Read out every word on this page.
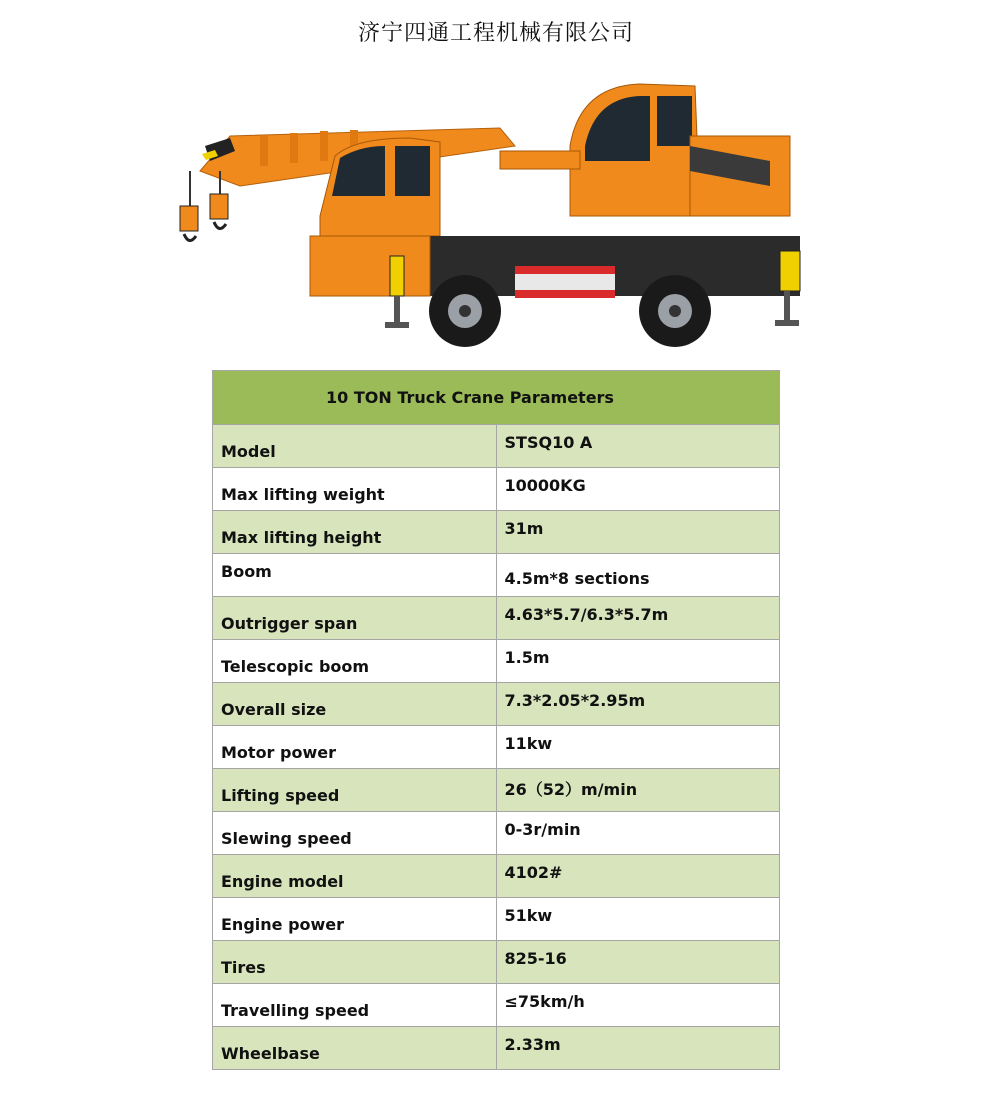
济宁四通工程机械有限公司
10 TON Truck Crane Parameters	
Model	STSQ10 A
Max lifting weight	10000KG
Max lifting height	31m
Boom	4.5m*8 sections
Outrigger span	4.63*5.7/6.3*5.7m
Telescopic boom	1.5m
Overall size	7.3*2.05*2.95m
Motor power	11kw
Lifting speed	26（52）m/min
Slewing speed	0-3r/min
Engine model	4102#
Engine power	51kw
Tires	825-16
Travelling speed	≤75km/h
Wheelbase	2.33m
